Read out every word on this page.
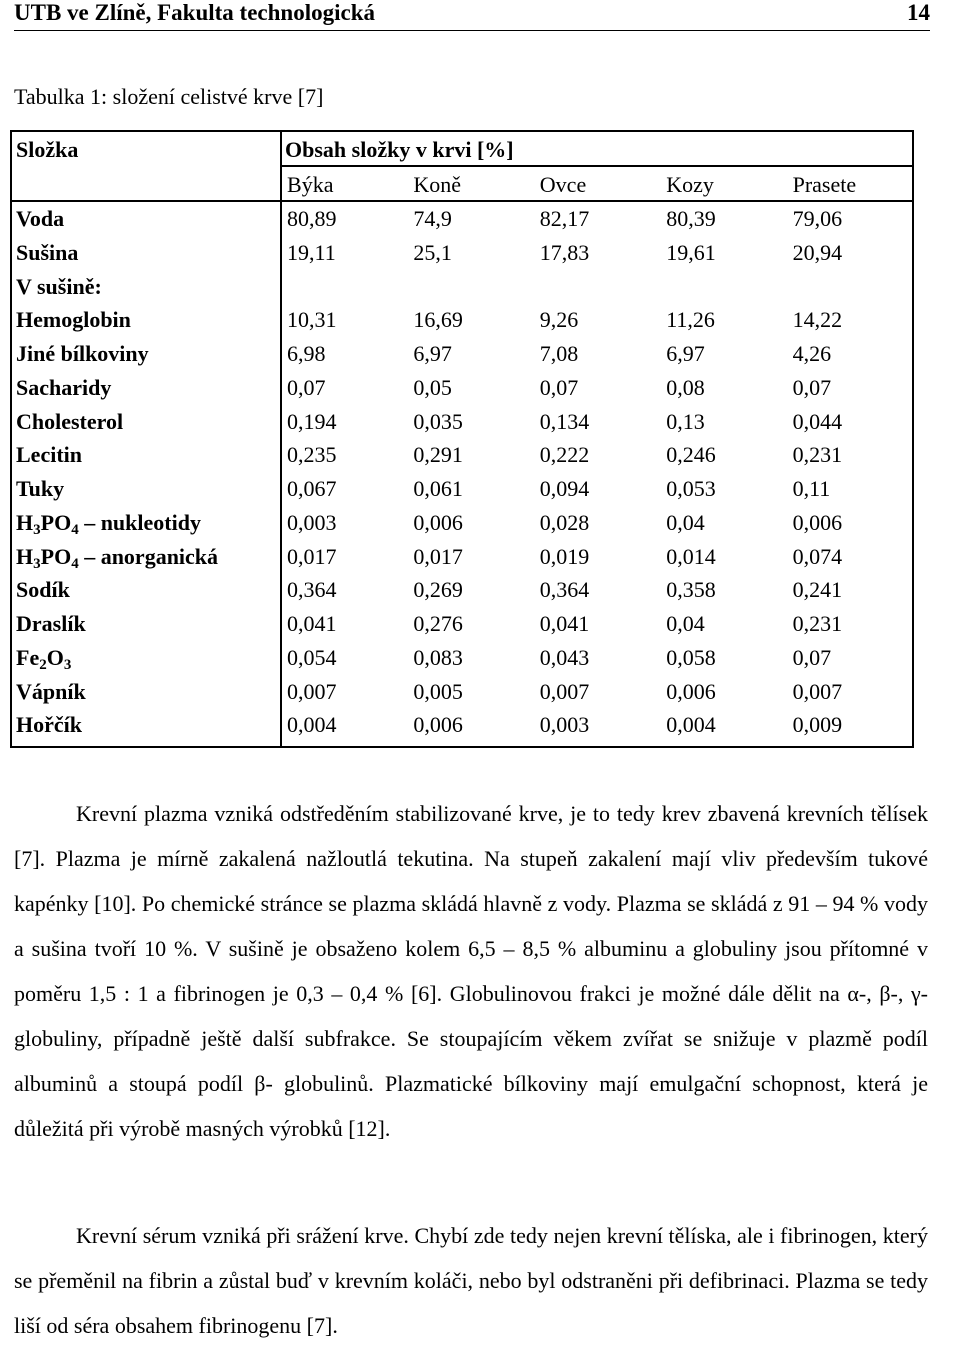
UTB ve Zlíně, Fakulta technologická	14
Tabulka 1: složení celistvé krve [7]
Složka	Obsah složky v krvi [%]				
	Býka	Koně	Ovce	Kozy	Prasete
Voda	80,89	74,9	82,17	80,39	79,06
Sušina	19,11	25,1	17,83	19,61	20,94
V sušině:					
Hemoglobin	10,31	16,69	9,26	11,26	14,22
Jiné bílkoviny	6,98	6,97	7,08	6,97	4,26
Sacharidy	0,07	0,05	0,07	0,08	0,07
Cholesterol	0,194	0,035	0,134	0,13	0,044
Lecitin	0,235	0,291	0,222	0,246	0,231
Tuky	0,067	0,061	0,094	0,053	0,11
$H_3PO_4$ – nukleotidy	0,003	0,006	0,028	0,04	0,006
$H_3PO_4$ – anorganická	0,017	0,017	0,019	0,014	0,074
Sodík	0,364	0,269	0,364	0,358	0,241
Draslík	0,041	0,276	0,041	0,04	0,231
$Fe_2O_3$	0,054	0,083	0,043	0,058	0,07
Vápník	0,007	0,005	0,007	0,006	0,007
Hořčík	0,004	0,006	0,003	0,004	0,009
Krevní plazma vzniká odstředěním stabilizované krve, je to tedy krev zbavená krevních tělísek [7]. Plazma je mírně zakalená nažloutlá tekutina. Na stupeň zakalení mají vliv především tukové kapénky [10]. Po chemické stránce se plazma skládá hlavně z vody. Plazma se skládá z 91 – 94 % vody a sušina tvoří 10 %. V sušině je obsaženo kolem 6,5 – 8,5 % albuminu a globuliny jsou přítomné v poměru 1,5 : 1 a fibrinogen je 0,3 – 0,4 % [6]. Globulinovou frakci je možné dále dělit na α-, β-, γ- globuliny, případně ještě další subfrakce. Se stoupajícím věkem zvířat se snižuje v plazmě podíl albuminů a stoupá podíl β- globulinů. Plazmatické bílkoviny mají emulgační schopnost, která je důležitá při výrobě masných výrobků [12].
Krevní sérum vzniká při srážení krve. Chybí zde tedy nejen krevní tělíska, ale i fibrinogen, který se přeměnil na fibrin a zůstal buď v krevním koláči, nebo byl odstraněni při defibrinaci. Plazma se tedy liší od séra obsahem fibrinogenu [7].
